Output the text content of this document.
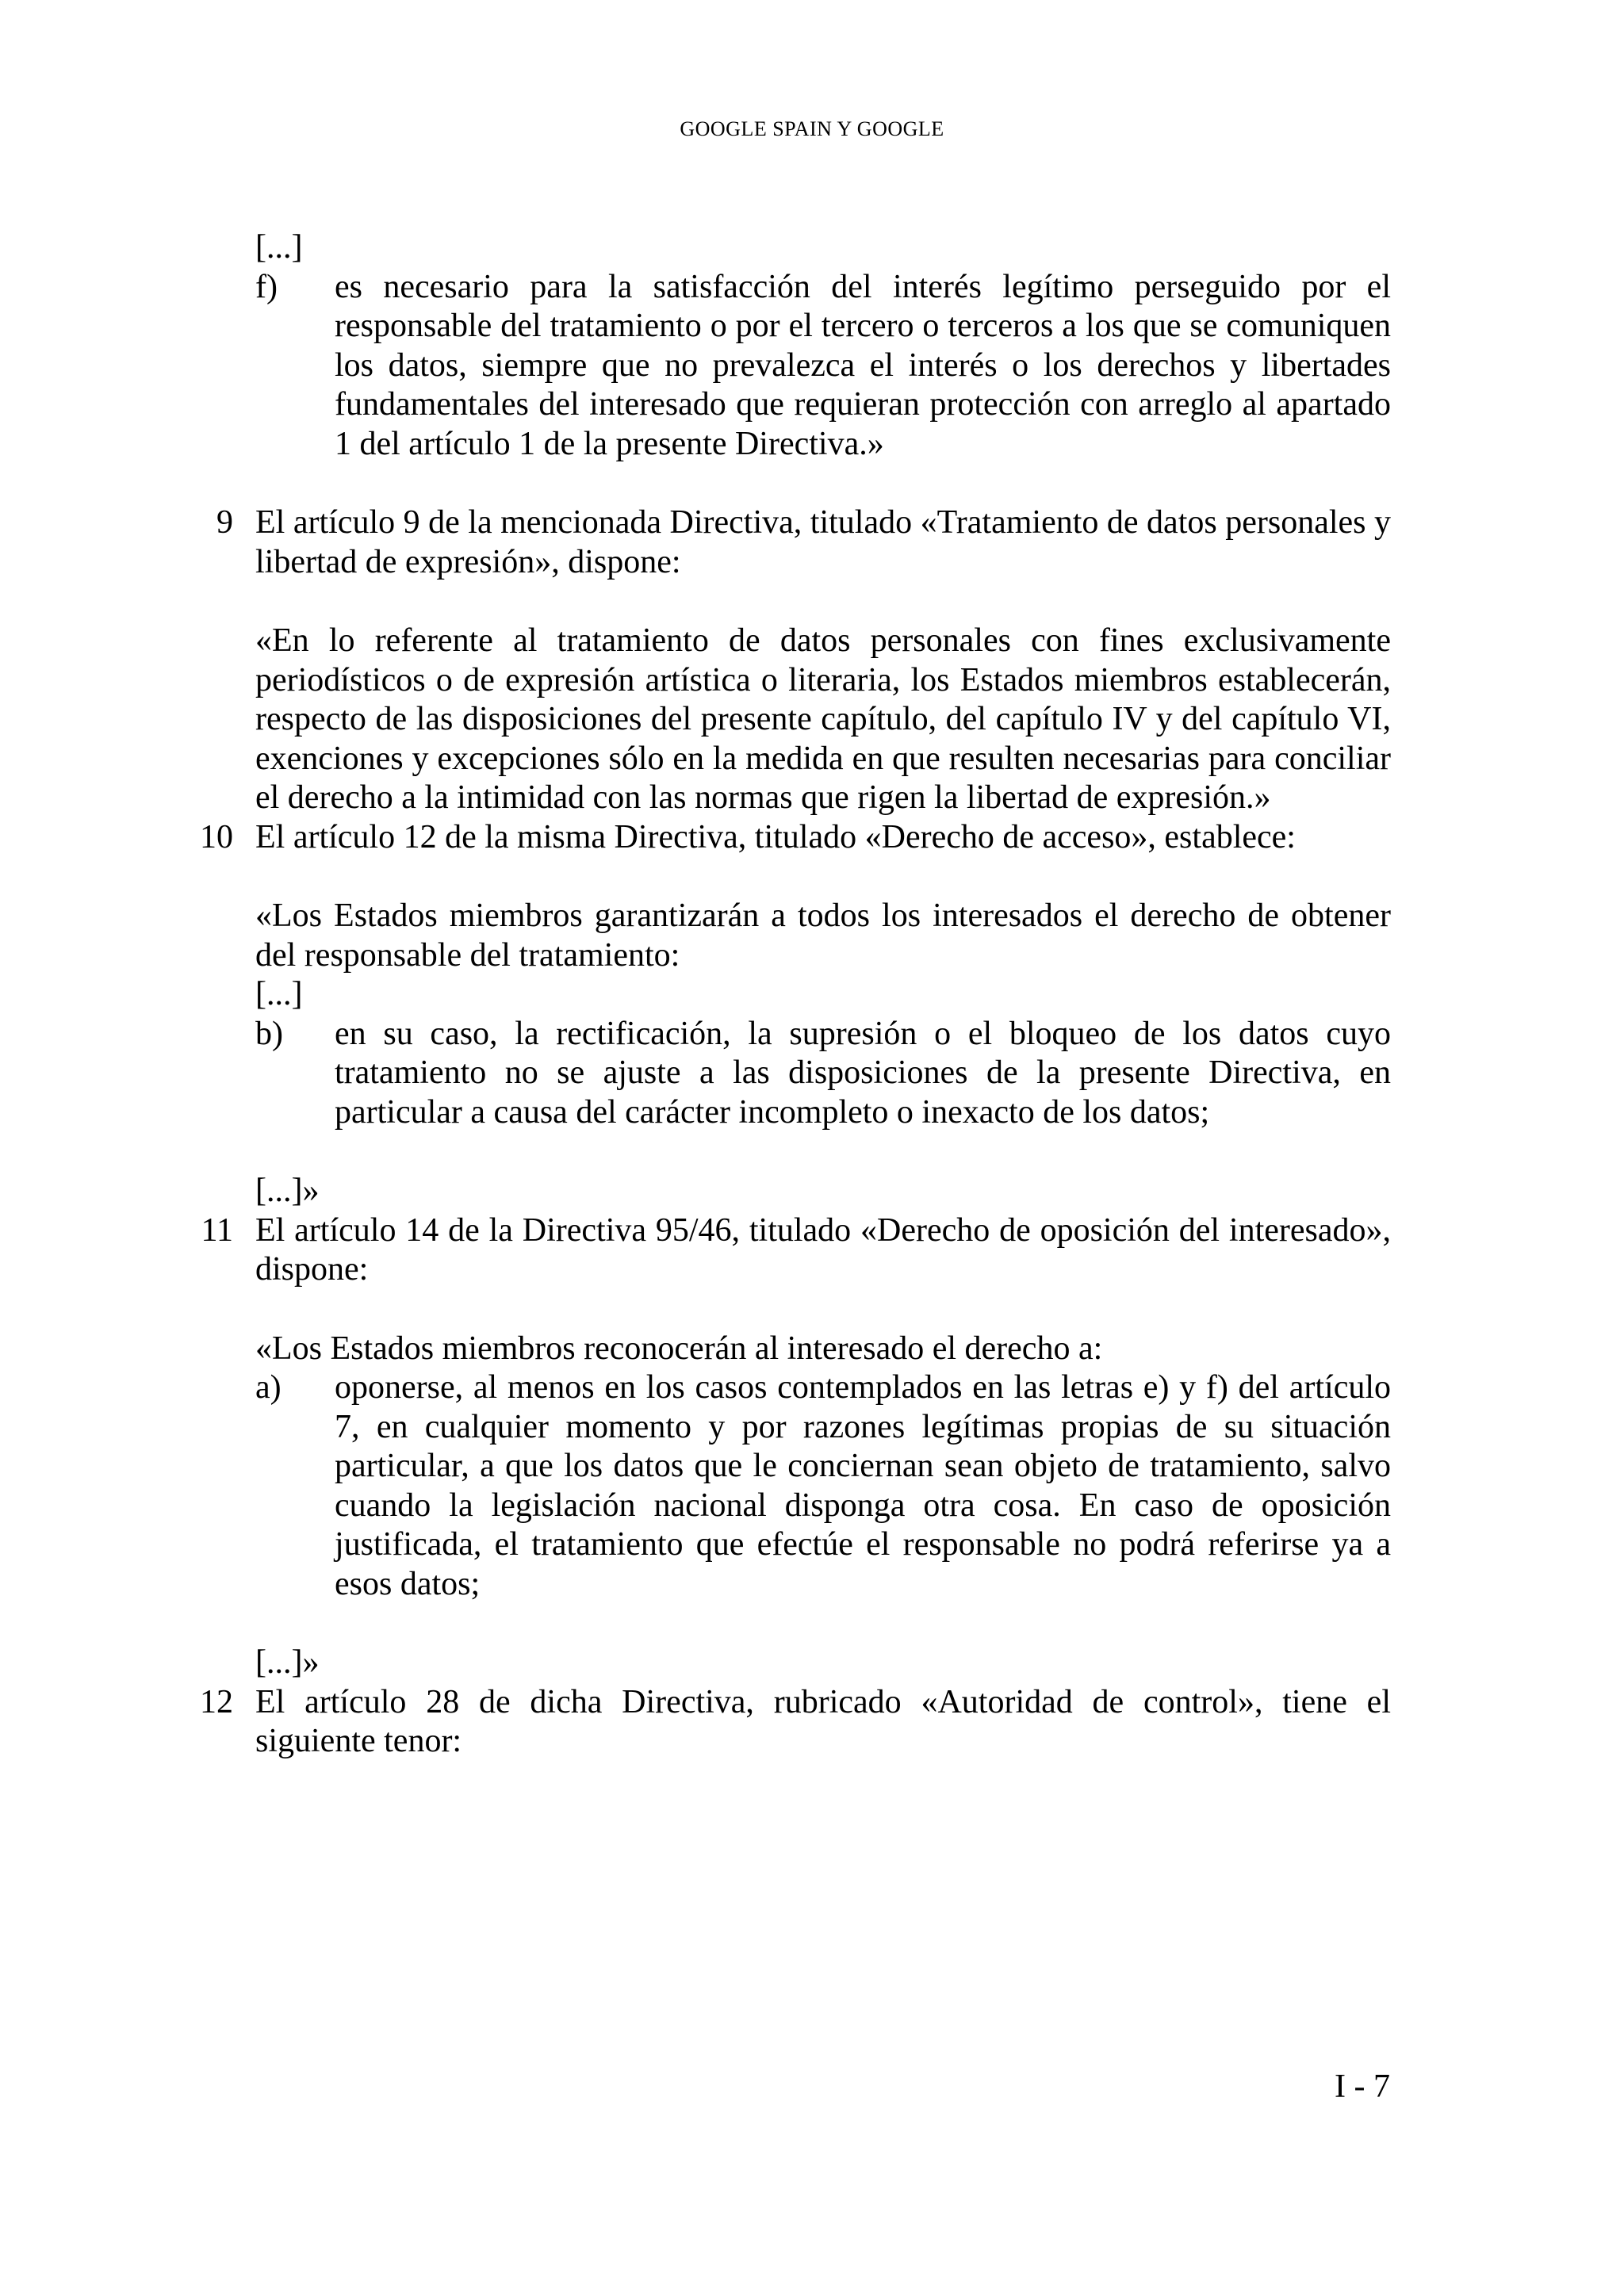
GOOGLE SPAIN Y GOOGLE

[...]

f) es necesario para la satisfacción del interés legítimo perseguido por el responsable del tratamiento o por el tercero o terceros a los que se comuniquen los datos, siempre que no prevalezca el interés o los derechos y libertades fundamentales del interesado que requieran protección con arreglo al apartado 1 del artículo 1 de la presente Directiva.»

9 El artículo 9 de la mencionada Directiva, titulado «Tratamiento de datos personales y libertad de expresión», dispone:

«En lo referente al tratamiento de datos personales con fines exclusivamente periodísticos o de expresión artística o literaria, los Estados miembros establecerán, respecto de las disposiciones del presente capítulo, del capítulo IV y del capítulo VI, exenciones y excepciones sólo en la medida en que resulten necesarias para conciliar el derecho a la intimidad con las normas que rigen la libertad de expresión.»

10 El artículo 12 de la misma Directiva, titulado «Derecho de acceso», establece:

«Los Estados miembros garantizarán a todos los interesados el derecho de obtener del responsable del tratamiento:

[...]

b) en su caso, la rectificación, la supresión o el bloqueo de los datos cuyo tratamiento no se ajuste a las disposiciones de la presente Directiva, en particular a causa del carácter incompleto o inexacto de los datos;

[...]»

11 El artículo 14 de la Directiva 95/46, titulado «Derecho de oposición del interesado», dispone:

«Los Estados miembros reconocerán al interesado el derecho a:

a) oponerse, al menos en los casos contemplados en las letras e) y f) del artículo 7, en cualquier momento y por razones legítimas propias de su situación particular, a que los datos que le conciernan sean objeto de tratamiento, salvo cuando la legislación nacional disponga otra cosa. En caso de oposición justificada, el tratamiento que efectúe el responsable no podrá referirse ya a esos datos;

[...]»

12 El artículo 28 de dicha Directiva, rubricado «Autoridad de control», tiene el siguiente tenor:

I - 7
